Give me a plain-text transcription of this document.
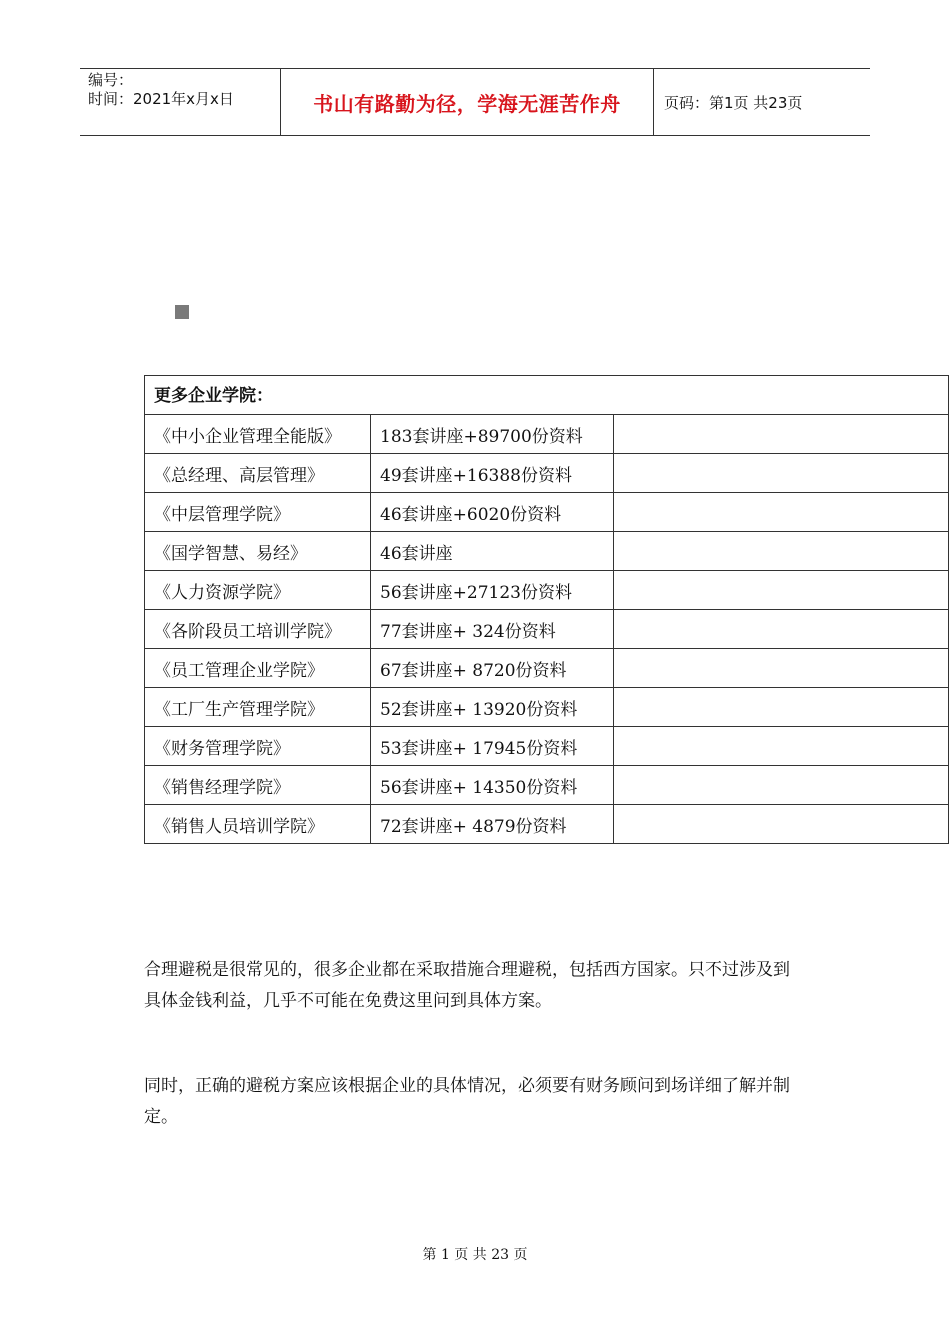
编号：
时间：2021年x月x日	书山有路勤为径，学海无涯苦作舟	页码：第1页 共23页
更多企业学院：		
《中小企业管理全能版》	183套讲座+89700份资料	
《总经理、高层管理》	49套讲座+16388份资料	
《中层管理学院》	46套讲座+6020份资料	
《国学智慧、易经》	46套讲座	
《人力资源学院》	56套讲座+27123份资料	
《各阶段员工培训学院》	77套讲座+ 324份资料	
《员工管理企业学院》	67套讲座+ 8720份资料	
《工厂生产管理学院》	52套讲座+ 13920份资料	
《财务管理学院》	53套讲座+ 17945份资料	
《销售经理学院》	56套讲座+ 14350份资料	
《销售人员培训学院》	72套讲座+ 4879份资料	

合理避税是很常见的，很多企业都在采取措施合理避税，包括西方国家。只不过涉及到具体金钱利益，几乎不可能在免费这里问到具体方案。

同时，正确的避税方案应该根据企业的具体情况，必须要有财务顾问到场详细了解并制定。

第 1 页 共 23 页
